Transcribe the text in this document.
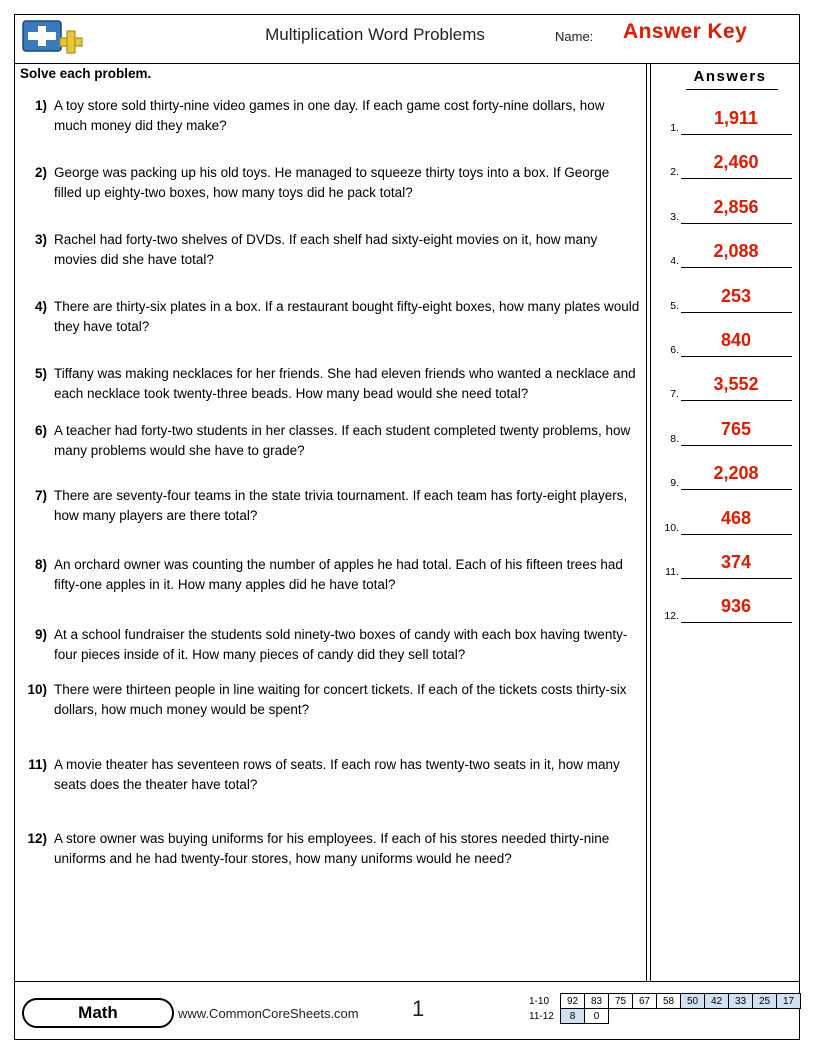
Multiplication Word Problems	Name: Answer Key
Solve each problem.
1) A toy store sold thirty-nine video games in one day. If each game cost forty-nine dollars, how much money did they make?
2) George was packing up his old toys. He managed to squeeze thirty toys into a box. If George filled up eighty-two boxes, how many toys did he pack total?
3) Rachel had forty-two shelves of DVDs. If each shelf had sixty-eight movies on it, how many movies did she have total?
4) There are thirty-six plates in a box. If a restaurant bought fifty-eight boxes, how many plates would they have total?
5) Tiffany was making necklaces for her friends. She had eleven friends who wanted a necklace and each necklace took twenty-three beads. How many bead would she need total?
6) A teacher had forty-two students in her classes. If each student completed twenty problems, how many problems would she have to grade?
7) There are seventy-four teams in the state trivia tournament. If each team has forty-eight players, how many players are there total?
8) An orchard owner was counting the number of apples he had total. Each of his fifteen trees had fifty-one apples in it. How many apples did he have total?
9) At a school fundraiser the students sold ninety-two boxes of candy with each box having twenty-four pieces inside of it. How many pieces of candy did they sell total?
10) There were thirteen people in line waiting for concert tickets. If each of the tickets costs thirty-six dollars, how much money would be spent?
11) A movie theater has seventeen rows of seats. If each row has twenty-two seats in it, how many seats does the theater have total?
12) A store owner was buying uniforms for his employees. If each of his stores needed thirty-nine uniforms and he had twenty-four stores, how many uniforms would he need?
Answers
1.	1,911
2.	2,460
3.	2,856
4.	2,088
5.	253
6.	840
7.	3,552
8.	765
9.	2,208
10.	468
11.	374
12.	936
Math	www.CommonCoreSheets.com 1	1-10	92	83	75	67	58	50	42	33	25	17
11-12	8	0								
